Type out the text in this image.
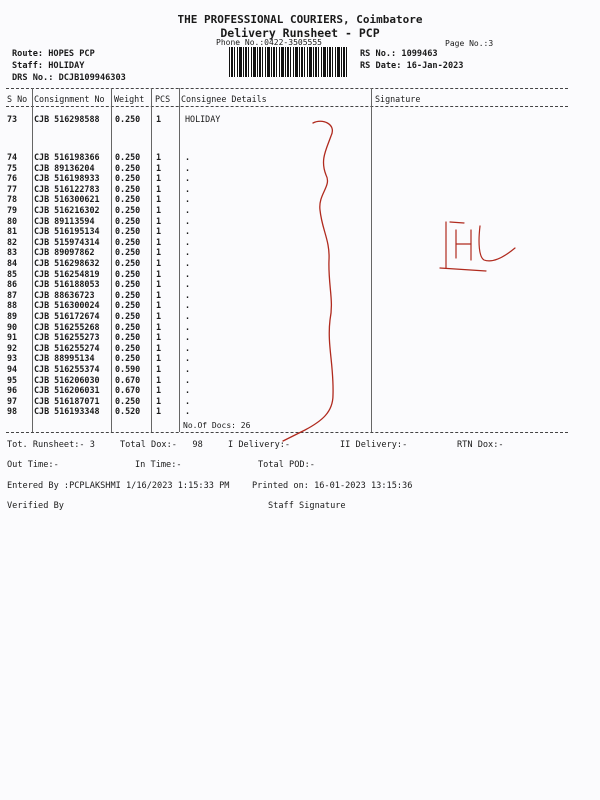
THE PROFESSIONAL COURIERS, Coimbatore
Delivery Runsheet - PCP
Phone No.:0422-3505555	Page No.:3
Route: HOPES PCP
Staff: HOLIDAY
DRS No.: DCJB109946303
RS No.: 1099463
RS Date: 16-Jan-2023
S No Consignment No Weight PCS Consignee Details	Signature
73 CJB 516298588 0.250 1	HOLIDAY
74 CJB 516198366 0.250 1	.
75 CJB 89136204 0.250 1	.
76 CJB 516198933 0.250 1	.
77 CJB 516122783 0.250 1	.
78 CJB 516300621 0.250 1	.
79 CJB 516216302 0.250 1	.
80 CJB 89113594 0.250 1	.
81 CJB 516195134 0.250 1	.
82 CJB 515974314 0.250 1	.
83 CJB 89097862 0.250 1	.
84 CJB 516298632 0.250 1	.
85 CJB 516254819 0.250 1	.
86 CJB 516188053 0.250 1	.
87 CJB 88636723 0.250 1	.
88 CJB 516300024 0.250 1	.
89 CJB 516172674 0.250 1	.
90 CJB 516255268 0.250 1	.
91 CJB 516255273 0.250 1	.
92 CJB 516255274 0.250 1	.
93 CJB 88995134 0.250 1	.
94 CJB 516255374 0.590 1	.
95 CJB 516206030 0.670 1	.
96 CJB 516206031 0.670 1	.
97 CJB 516187071 0.250 1	.
98 CJB 516193348 0.520 1	.
No.Of Docs: 26
Tot. Runsheet:- 3	Total Dox:-   98	I Delivery:-	II Delivery:-	RTN Dox:-
Out Time:-	In Time:-	Total POD:-
Entered By :PCPLAKSHMI 1/16/2023 1:15:33 PM	Printed on: 16-01-2023 13:15:36
Verified By	Staff Signature
